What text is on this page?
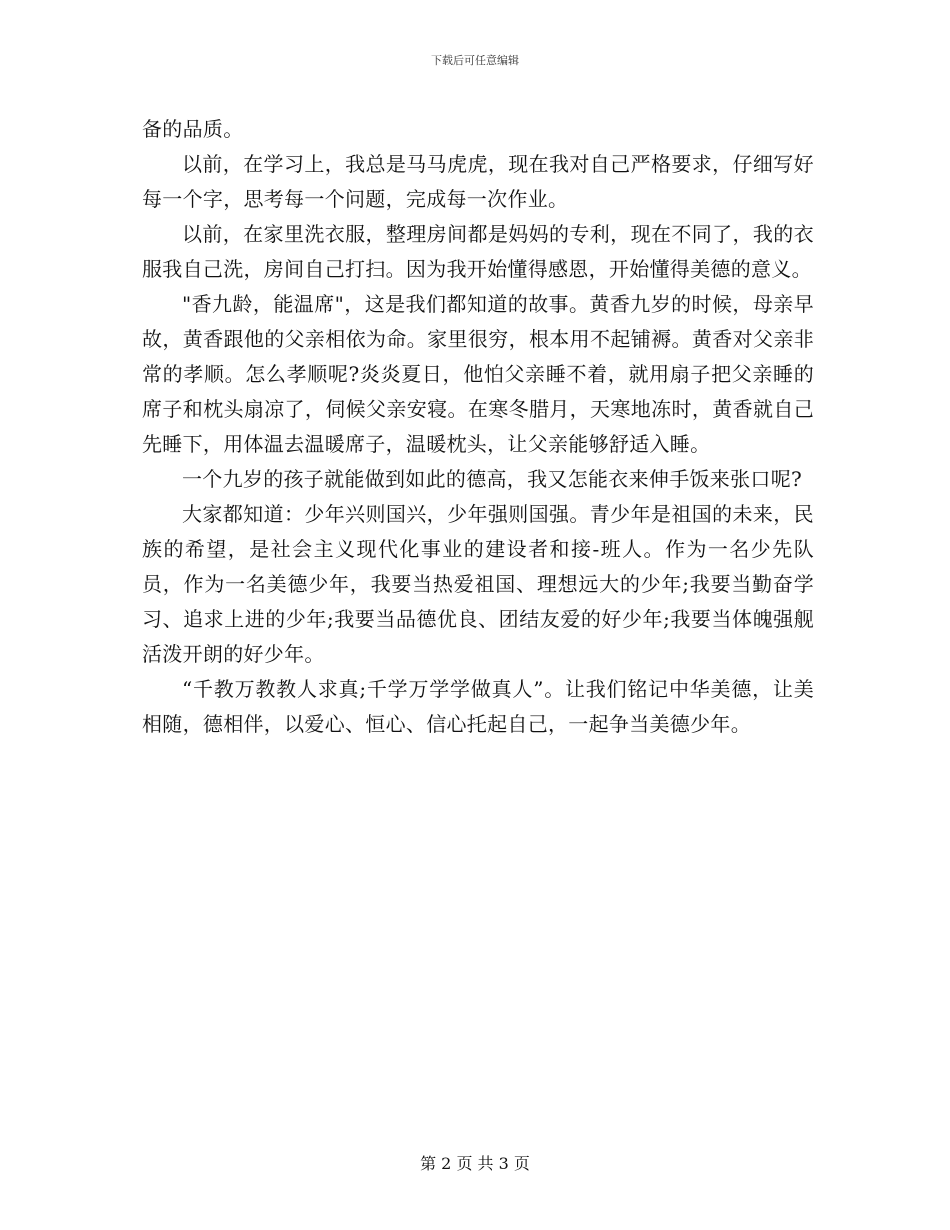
下载后可任意编辑

备的品质。

以前，在学习上，我总是马马虎虎，现在我对自己严格要求，仔细写好每一个字，思考每一个问题，完成每一次作业。

以前，在家里洗衣服，整理房间都是妈妈的专利，现在不同了，我的衣服我自己洗，房间自己打扫。因为我开始懂得感恩，开始懂得美德的意义。

"香九龄，能温席"，这是我们都知道的故事。黄香九岁的时候，母亲早故，黄香跟他的父亲相依为命。家里很穷，根本用不起铺褥。黄香对父亲非常的孝顺。怎么孝顺呢?炎炎夏日，他怕父亲睡不着，就用扇子把父亲睡的席子和枕头扇凉了，伺候父亲安寝。在寒冬腊月，天寒地冻时，黄香就自己先睡下，用体温去温暖席子，温暖枕头，让父亲能够舒适入睡。

一个九岁的孩子就能做到如此的德高，我又怎能衣来伸手饭来张口呢?

大家都知道：少年兴则国兴，少年强则国强。青少年是祖国的未来，民族的希望，是社会主义现代化事业的建设者和接-班人。作为一名少先队员，作为一名美德少年，我要当热爱祖国、理想远大的少年;我要当勤奋学习、追求上进的少年;我要当品德优良、团结友爱的好少年;我要当体魄强舰活泼开朗的好少年。

“千教万教教人求真;千学万学学做真人”。让我们铭记中华美德，让美相随，德相伴，以爱心、恒心、信心托起自己，一起争当美德少年。

第 2 页 共 3 页
